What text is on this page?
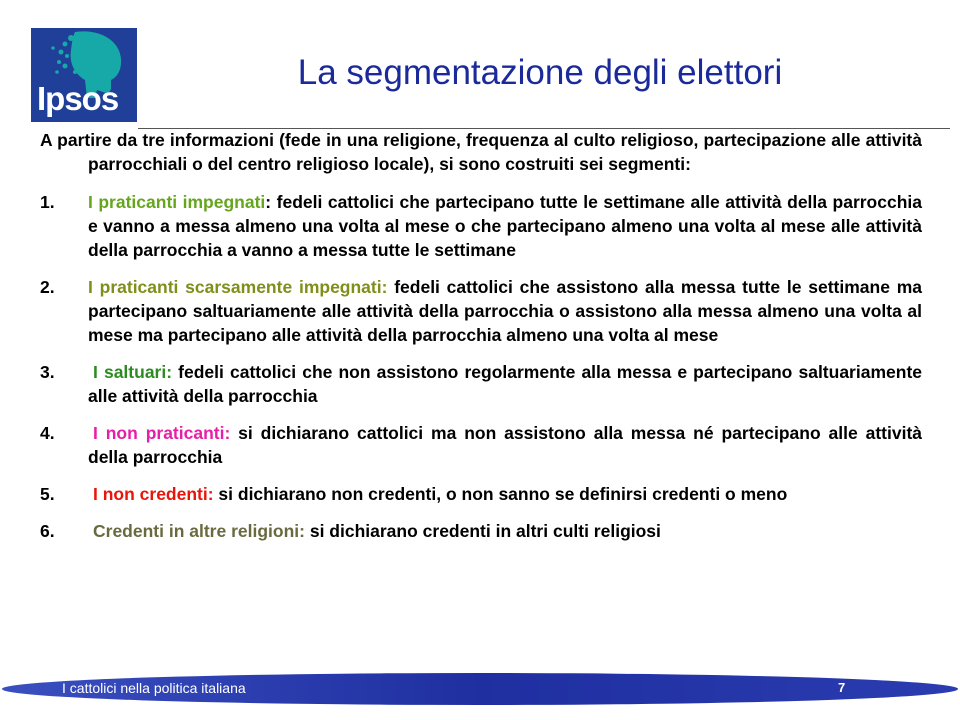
Ipsos
La segmentazione degli elettori

A partire da tre informazioni (fede in una religione, frequenza al culto religioso, partecipazione alle attività parrocchiali o del centro religioso locale), si sono costruiti sei segmenti:

1. I praticanti impegnati: fedeli cattolici che partecipano tutte le settimane alle attività della parrocchia e vanno a messa almeno una volta al mese o che partecipano almeno una volta al mese alle attività della parrocchia a vanno a messa tutte le settimane
2. I praticanti scarsamente impegnati: fedeli cattolici che assistono alla messa tutte le settimane ma partecipano saltuariamente alle attività della parrocchia o assistono alla messa almeno una volta al mese ma partecipano alle attività della parrocchia almeno una volta al mese
3. I saltuari: fedeli cattolici che non assistono regolarmente alla messa e partecipano saltuariamente alle attività della parrocchia
4. I non praticanti: si dichiarano cattolici ma non assistono alla messa né partecipano alle attività della parrocchia
5. I non credenti: si dichiarano non credenti, o non sanno se definirsi credenti o meno
6. Credenti in altre religioni: si dichiarano credenti in altri culti religiosi
I cattolici nella politica italiana	7
